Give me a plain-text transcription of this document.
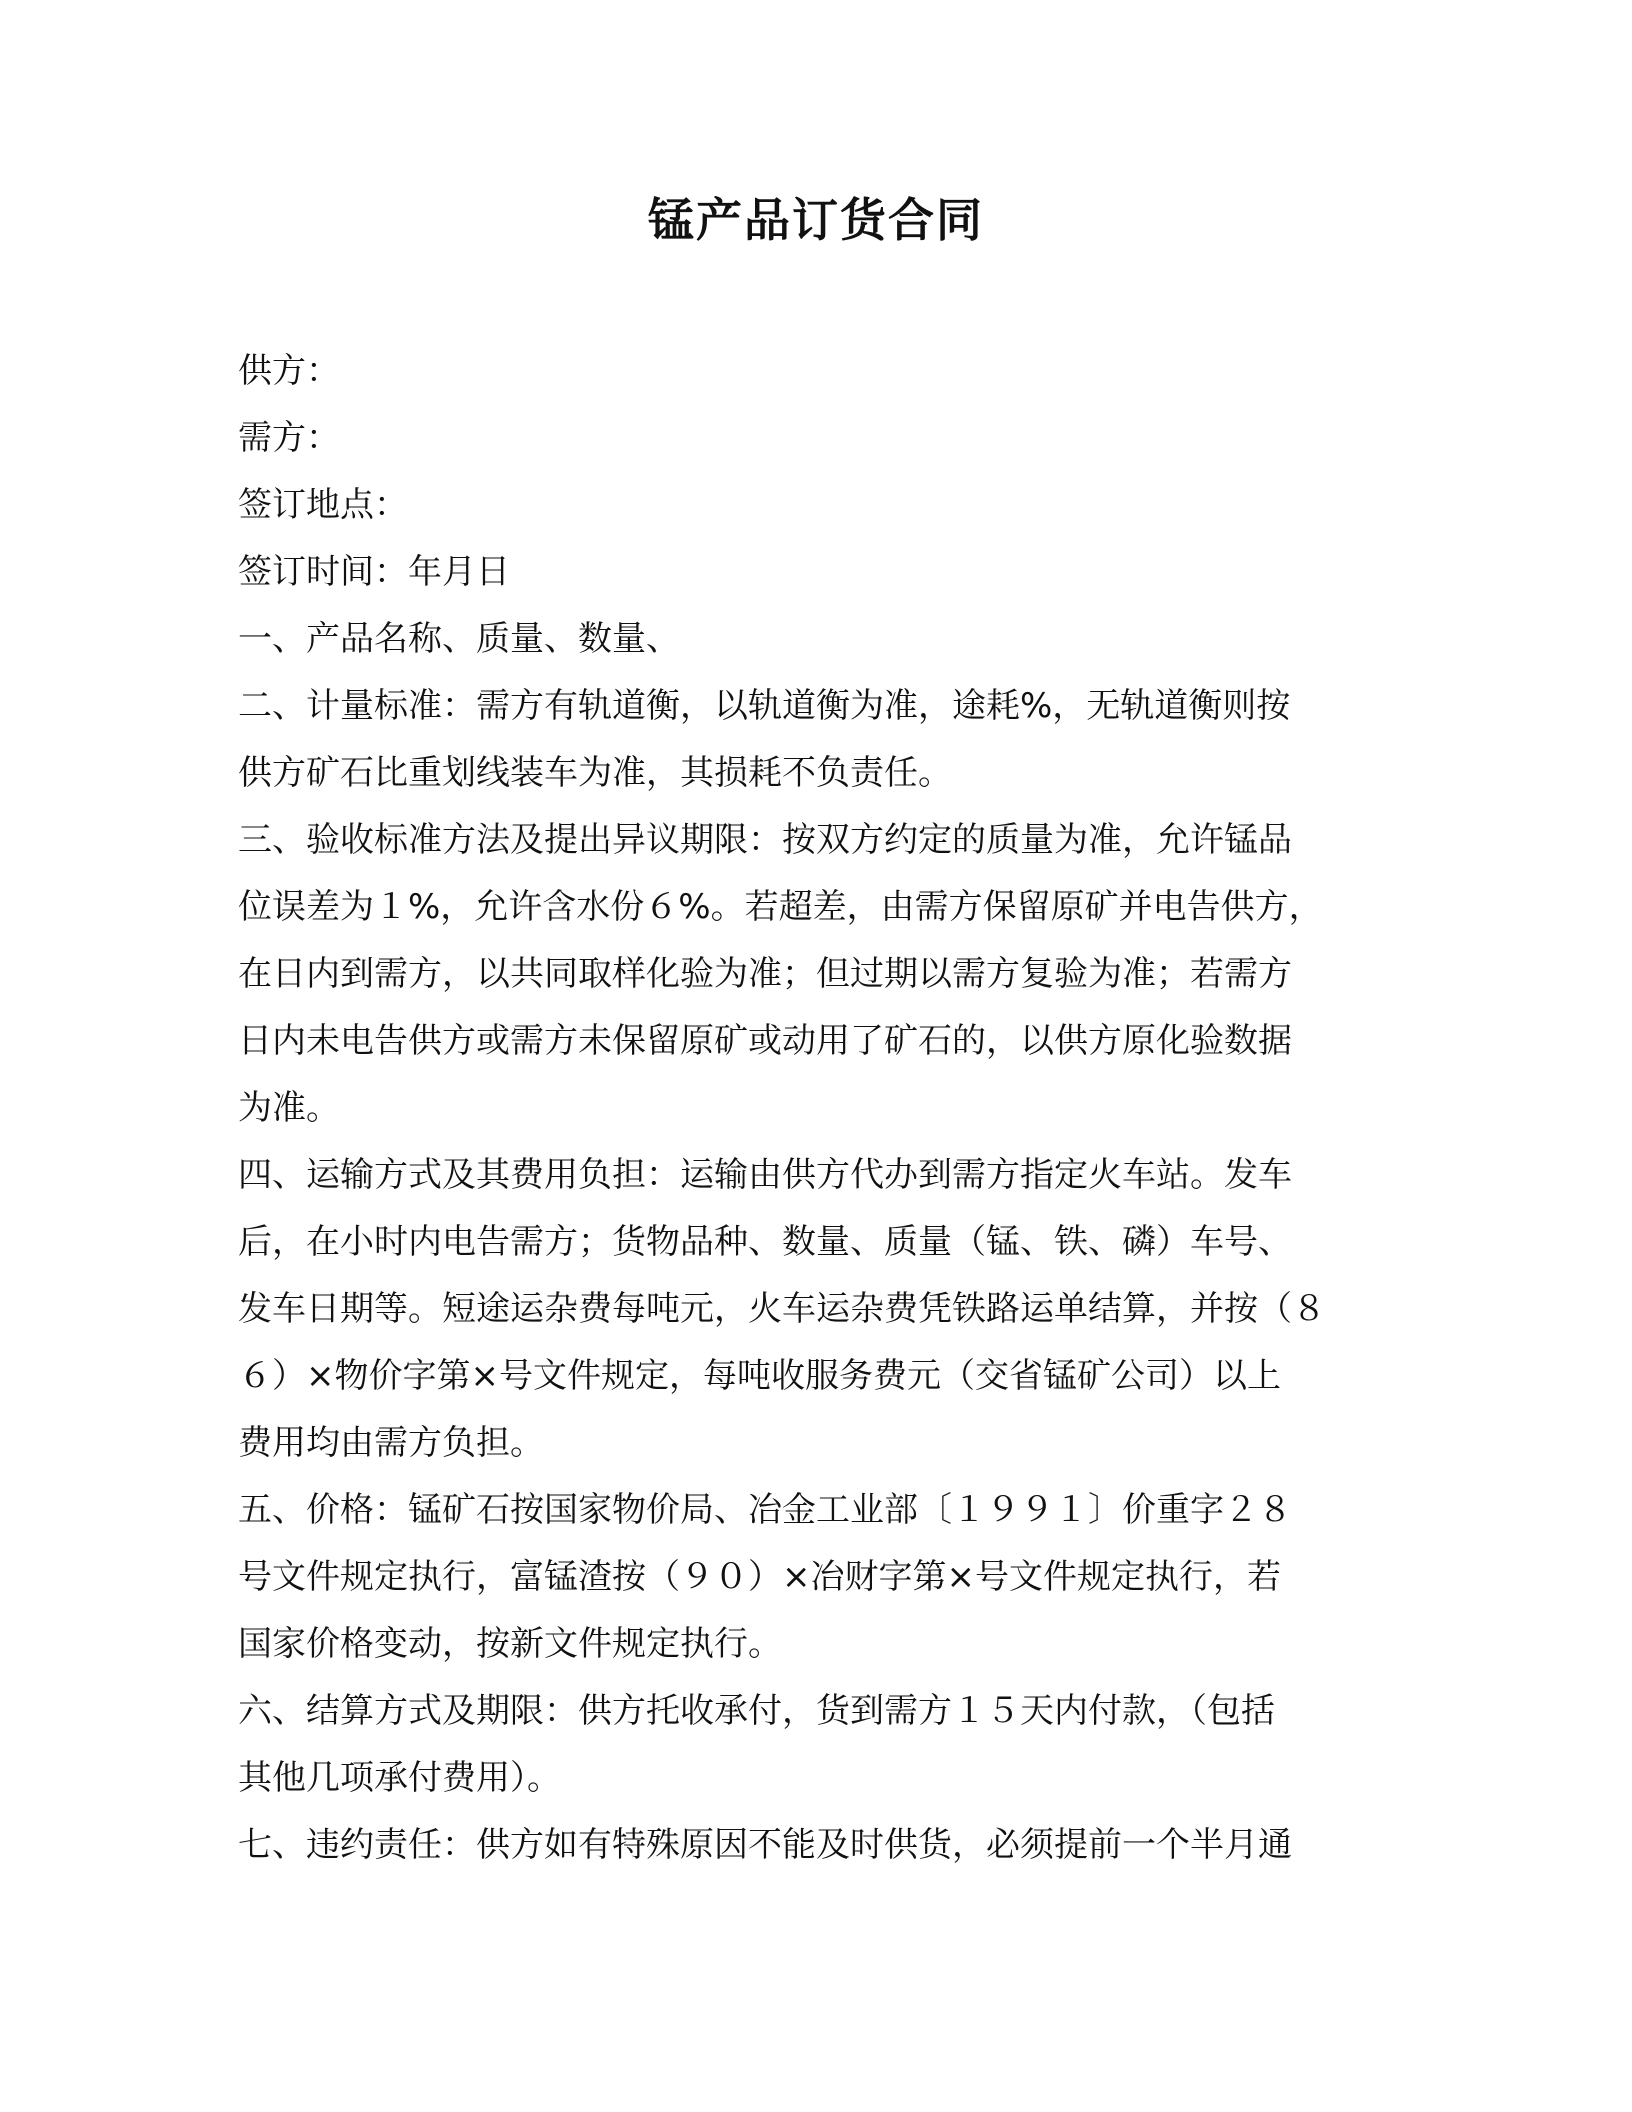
锰产品订货合同
供方：
需方：
签订地点：
签订时间：年月日
一、产品名称、质量、数量、
二、计量标准：需方有轨道衡，以轨道衡为准，途耗%，无轨道衡则按
供方矿石比重划线装车为准，其损耗不负责任。
三、验收标准方法及提出异议期限：按双方约定的质量为准，允许锰品
位误差为１%，允许含水份６%。若超差，由需方保留原矿并电告供方，
在日内到需方，以共同取样化验为准；但过期以需方复验为准；若需方
日内未电告供方或需方未保留原矿或动用了矿石的，以供方原化验数据
为准。
四、运输方式及其费用负担：运输由供方代办到需方指定火车站。发车
后，在小时内电告需方；货物品种、数量、质量（锰、铁、磷）车号、
发车日期等。短途运杂费每吨元，火车运杂费凭铁路运单结算，并按（８
６）×物价字第×号文件规定，每吨收服务费元（交省锰矿公司）以上
费用均由需方负担。
五、价格：锰矿石按国家物价局、冶金工业部〔１９９１〕价重字２８
号文件规定执行，富锰渣按（９０）×冶财字第×号文件规定执行，若
国家价格变动，按新文件规定执行。
六、结算方式及期限：供方托收承付，货到需方１５天内付款，（包括
其他几项承付费用）。
七、违约责任：供方如有特殊原因不能及时供货，必须提前一个半月通
